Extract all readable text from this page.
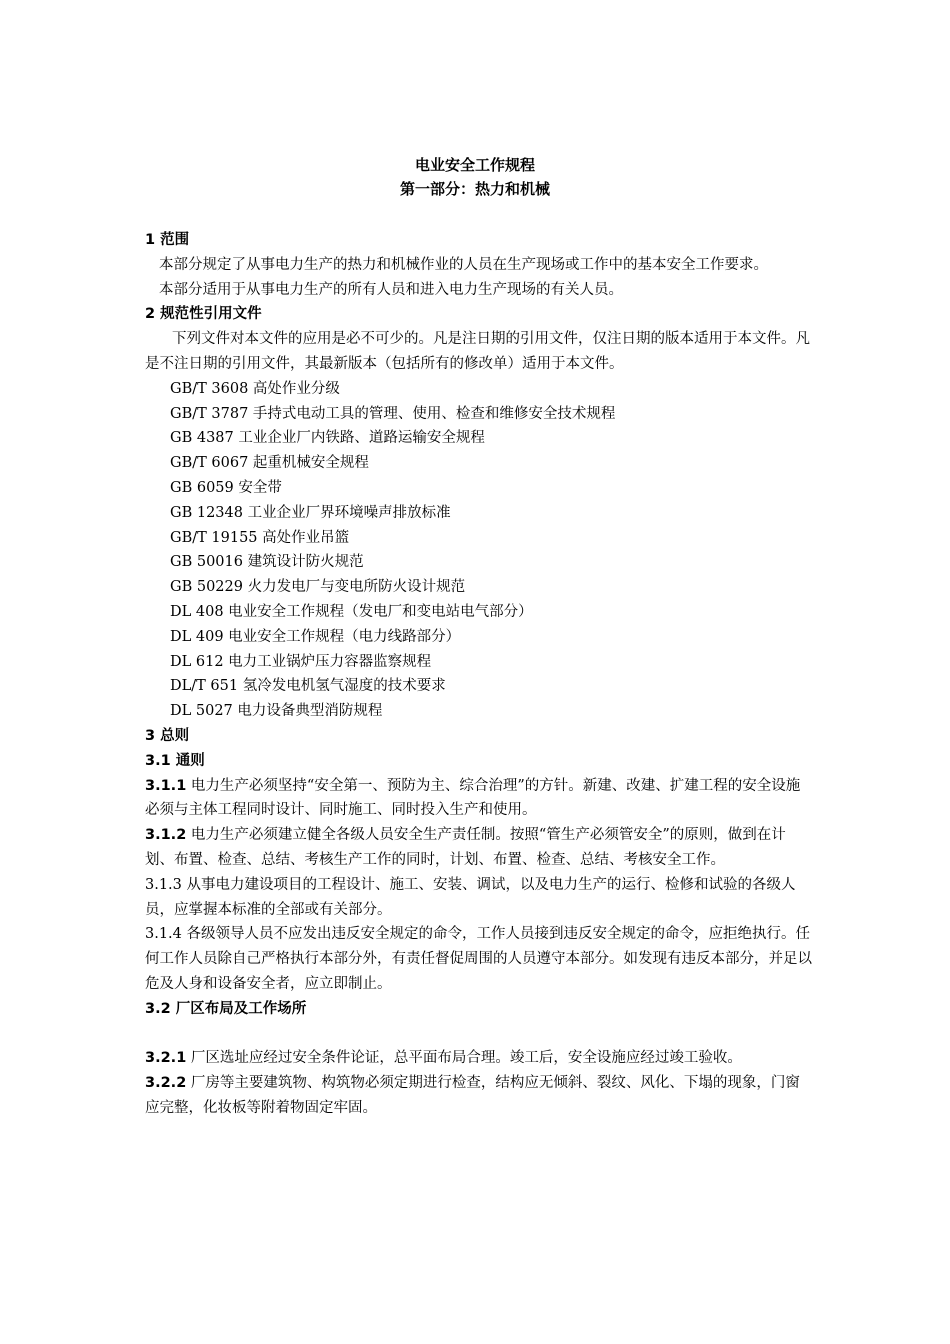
电业安全工作规程
第一部分：热力和机械
1 范围
本部分规定了从事电力生产的热力和机械作业的人员在生产现场或工作中的基本安全工作要求。
本部分适用于从事电力生产的所有人员和进入电力生产现场的有关人员。
2 规范性引用文件
下列文件对本文件的应用是必不可少的。凡是注日期的引用文件，仅注日期的版本适用于本文件。凡是不注日期的引用文件，其最新版本（包括所有的修改单）适用于本文件。
GB/T 3608 高处作业分级
GB/T 3787 手持式电动工具的管理、使用、检查和维修安全技术规程
GB 4387 工业企业厂内铁路、道路运输安全规程
GB/T 6067 起重机械安全规程
GB 6059 安全带
GB 12348 工业企业厂界环境噪声排放标准
GB/T 19155 高处作业吊篮
GB 50016 建筑设计防火规范
GB 50229 火力发电厂与变电所防火设计规范
DL 408 电业安全工作规程（发电厂和变电站电气部分）
DL 409 电业安全工作规程（电力线路部分）
DL 612 电力工业锅炉压力容器监察规程
DL/T 651 氢冷发电机氢气湿度的技术要求
DL 5027 电力设备典型消防规程
3 总则
3.1 通则
3.1.1 电力生产必须坚持“安全第一、预防为主、综合治理”的方针。新建、改建、扩建工程的安全设施必须与主体工程同时设计、同时施工、同时投入生产和使用。
3.1.2 电力生产必须建立健全各级人员安全生产责任制。按照“管生产必须管安全”的原则，做到在计划、布置、检查、总结、考核生产工作的同时，计划、布置、检查、总结、考核安全工作。
3.1.3 从事电力建设项目的工程设计、施工、安装、调试，以及电力生产的运行、检修和试验的各级人员，应掌握本标准的全部或有关部分。
3.1.4 各级领导人员不应发出违反安全规定的命令，工作人员接到违反安全规定的命令，应拒绝执行。任何工作人员除自己严格执行本部分外，有责任督促周围的人员遵守本部分。如发现有违反本部分，并足以危及人身和设备安全者，应立即制止。
3.2 厂区布局及工作场所
3.2.1 厂区选址应经过安全条件论证，总平面布局合理。竣工后，安全设施应经过竣工验收。
3.2.2 厂房等主要建筑物、构筑物必须定期进行检查，结构应无倾斜、裂纹、风化、下塌的现象，门窗应完整，化妆板等附着物固定牢固。
